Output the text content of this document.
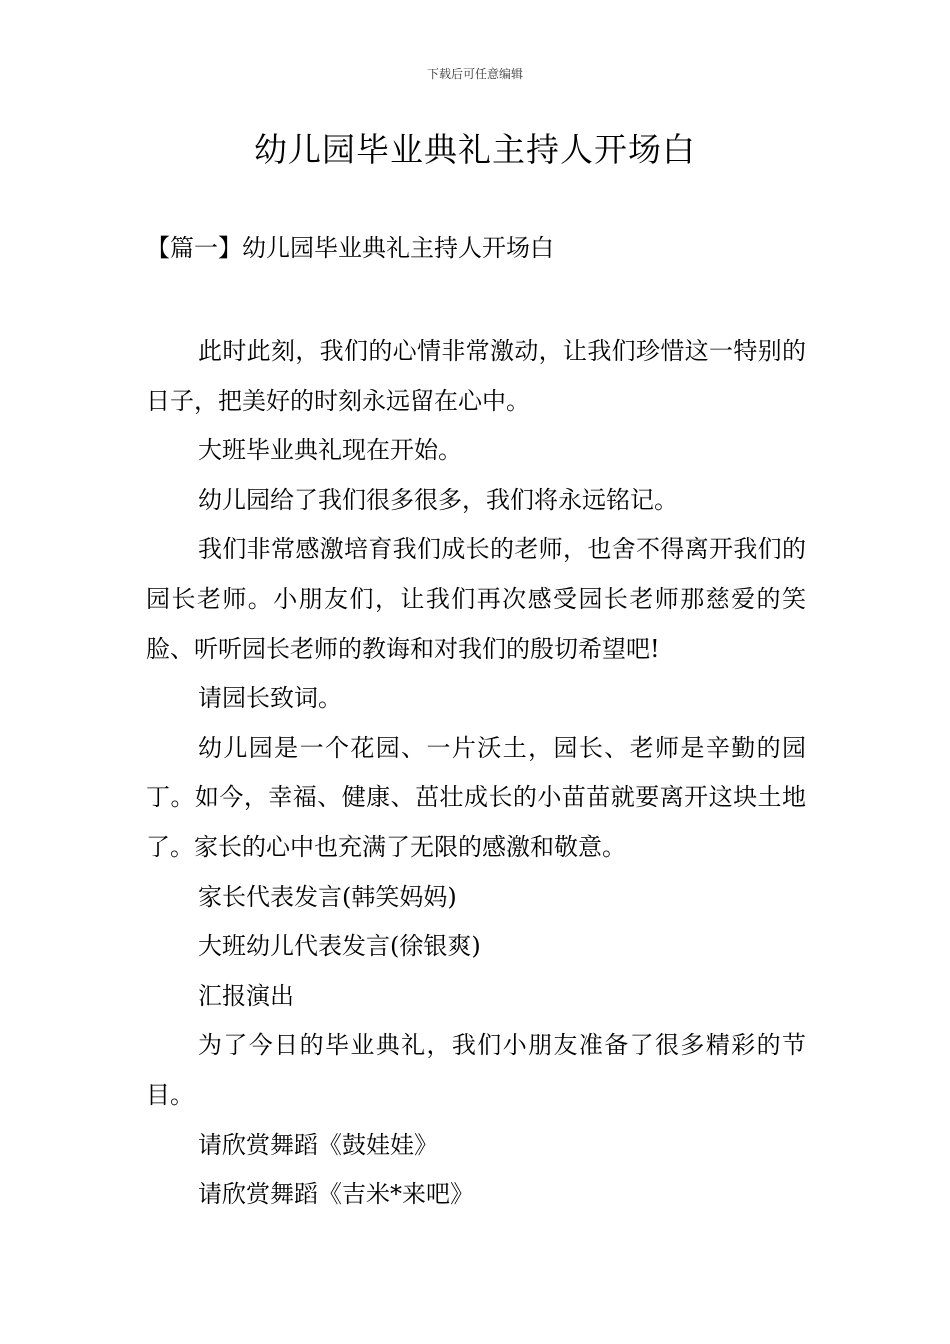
下载后可任意编辑
幼儿园毕业典礼主持人开场白
【篇一】幼儿园毕业典礼主持人开场白

此时此刻，我们的心情非常激动，让我们珍惜这一特别的日子，把美好的时刻永远留在心中。

大班毕业典礼现在开始。

幼儿园给了我们很多很多，我们将永远铭记。

我们非常感激培育我们成长的老师，也舍不得离开我们的园长老师。小朋友们，让我们再次感受园长老师那慈爱的笑脸、听听园长老师的教诲和对我们的殷切希望吧!

请园长致词。

幼儿园是一个花园、一片沃土，园长、老师是辛勤的园丁。如今，幸福、健康、茁壮成长的小苗苗就要离开这块土地了。家长的心中也充满了无限的感激和敬意。

家长代表发言(韩笑妈妈)

大班幼儿代表发言(徐银爽)

汇报演出

为了今日的毕业典礼，我们小朋友准备了很多精彩的节目。

请欣赏舞蹈《鼓娃娃》

请欣赏舞蹈《吉米*来吧》
